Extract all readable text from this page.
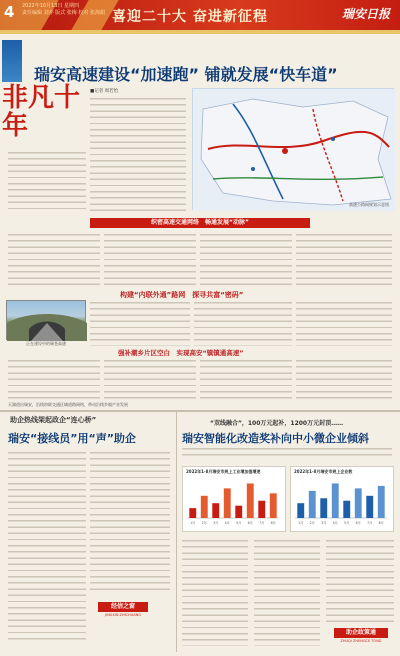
4	2022年10月13日 星期四
责任编辑 刘亦 版式 张梅 校对 张海娟 喜迎二十大 奋进新征程	瑞安日报
瑞安高速建设“加速跑” 铺就发展“快车道”
非凡十年
■记者 周若怡
高速公路网规划示意图
织密高速交通网络　畅通发展“动脉”
构建“内联外通”路网　探寻共富“密码”
正在建设中的瑞苍高速
强补潮乡片区空白　实现高安“镇镇通高速”
天湖道出瑞安，沿线串联交通区域道路网络，带动沿线乡镇产业发展
助企热线架起政企“连心桥”
瑞安“接线员”用“声”助企
经信之窗
JINGXIN ZHICHUANG
“双线融合”，100万元起补，1200万元封顶……
瑞安智能化改造奖补向中小微企业倾斜
2022年1-8月瑞安市规上工业增加值增速
1月 2月 3月 4月 5月 6月 7月 8月
2022年1-8月瑞安市规上企业数
1月 2月 3月 4月 5月 6月 7月 8月
助企政策通
ZHUQI ZHENGCE TONG
